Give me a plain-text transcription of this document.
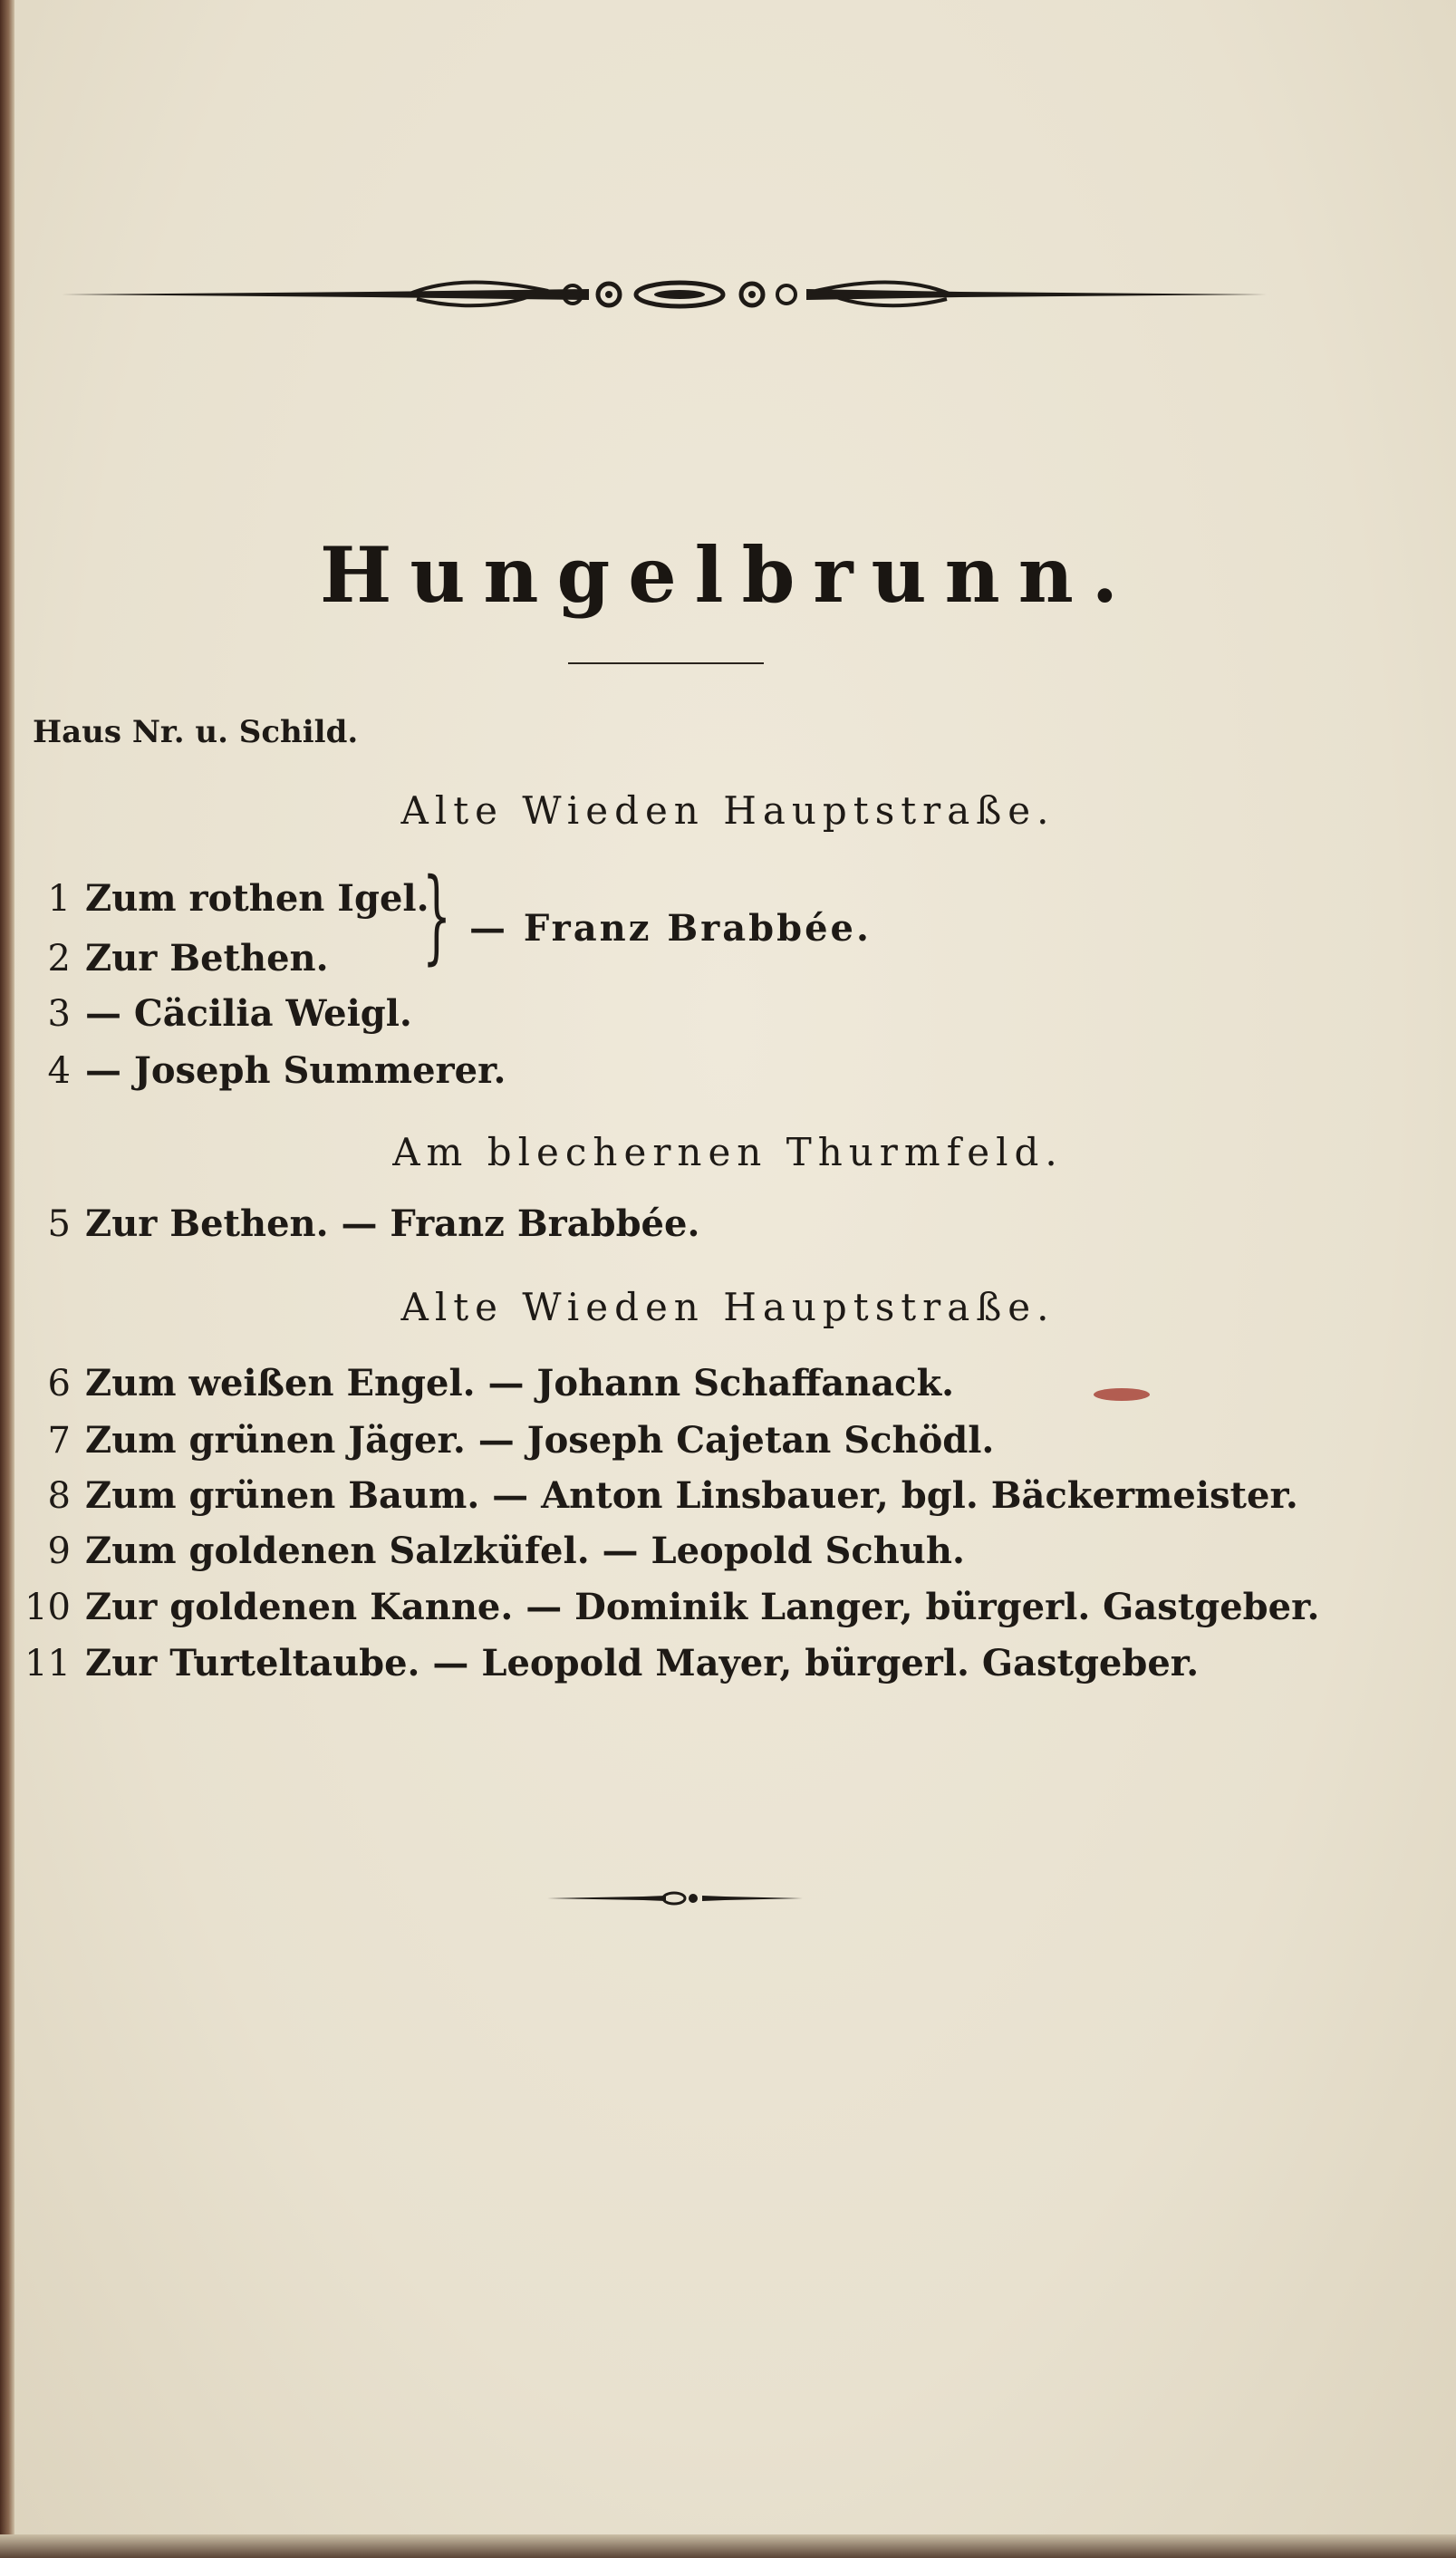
Hungelbrunn.
Haus Nr. u. Schild.
Alte Wieden Hauptstraße.
1 Zum rothen Igel.
2 Zur Bethen. } — Franz Brabbée.
3 — Cäcilia Weigl.
4 — Joseph Summerer.
Am blechernen Thurmfeld.
5 Zur Bethen. — Franz Brabbée.
Alte Wieden Hauptstraße.
6 Zum weißen Engel. — Johann Schaffanack.
7 Zum grünen Jäger. — Joseph Cajetan Schödl.
8 Zum grünen Baum. — Anton Linsbauer, bgl. Bäckermeister.
9 Zum goldenen Salzküfel. — Leopold Schuh.
10 Zur goldenen Kanne. — Dominik Langer, bürgerl. Gastgeber.
11 Zur Turteltaube. — Leopold Mayer, bürgerl. Gastgeber.
